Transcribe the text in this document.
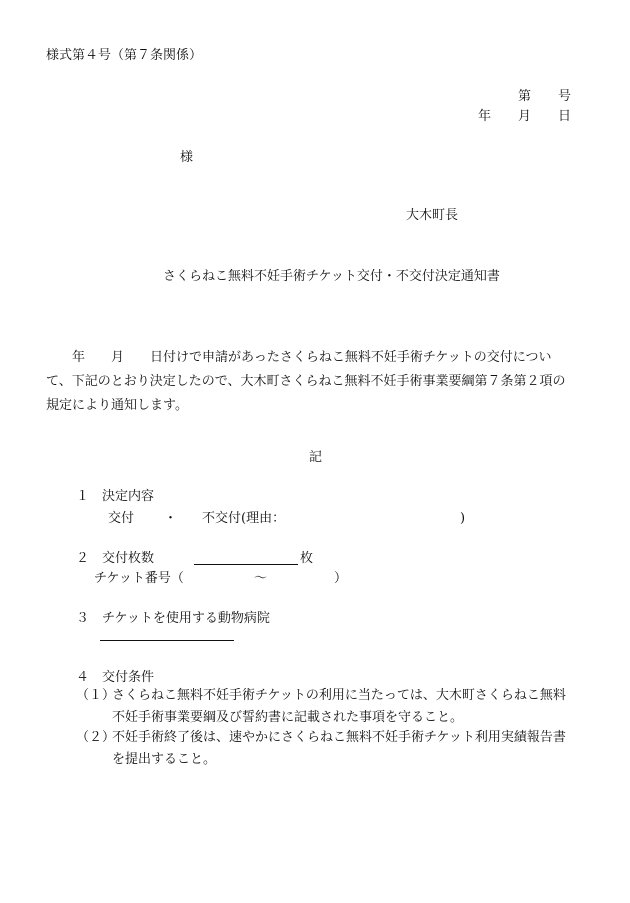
様式第４号（第７条関係）
第 号
年 月 日
様
大木町長
さくらねこ無料不妊手術チケット交付・不交付決定通知書
　　年　　月　　日付けで申請があったさくらねこ無料不妊手術チケットの交付につい
て、下記のとおり決定したので、大木町さくらねこ無料不妊手術事業要綱第７条第２項の
規定により通知します。
記
１　決定内容
交付 ・ 不交付(理由：	)
２　交付枚数	枚
チケット番号（	～	）
３　チケットを使用する動物病院
４　交付条件
（１）
さくらねこ無料不妊手術チケットの利用に当たっては、大木町さくらねこ無料
不妊手術事業要綱及び誓約書に記載された事項を守ること。
（２）
不妊手術終了後は、速やかにさくらねこ無料不妊手術チケット利用実績報告書
を提出すること。
